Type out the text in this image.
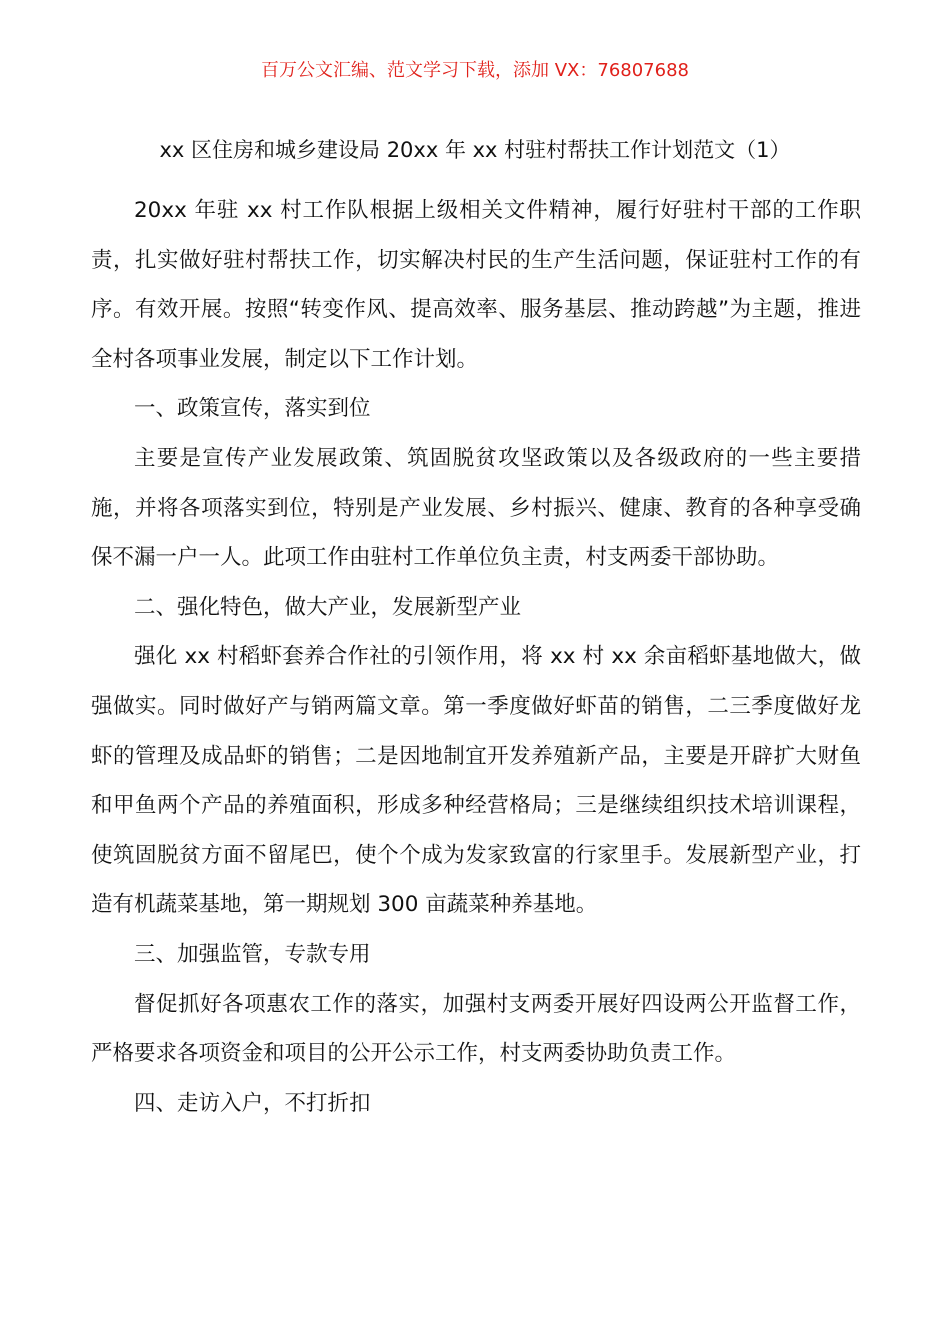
百万公文汇编、范文学习下载，添加 VX：76807688
xx 区住房和城乡建设局 20xx 年 xx 村驻村帮扶工作计划范文（1）

20xx 年驻 xx 村工作队根据上级相关文件精神，履行好驻村干部的工作职责，扎实做好驻村帮扶工作，切实解决村民的生产生活问题，保证驻村工作的有序。有效开展。按照“转变作风、提高效率、服务基层、推动跨越”为主题，推进全村各项事业发展，制定以下工作计划。

一、政策宣传，落实到位

主要是宣传产业发展政策、筑固脱贫攻坚政策以及各级政府的一些主要措施，并将各项落实到位，特别是产业发展、乡村振兴、健康、教育的各种享受确保不漏一户一人。此项工作由驻村工作单位负主责，村支两委干部协助。

二、强化特色，做大产业，发展新型产业

强化 xx 村稻虾套养合作社的引领作用，将 xx 村 xx 余亩稻虾基地做大，做强做实。同时做好产与销两篇文章。第一季度做好虾苗的销售，二三季度做好龙虾的管理及成品虾的销售；二是因地制宜开发养殖新产品，主要是开辟扩大财鱼和甲鱼两个产品的养殖面积，形成多种经营格局；三是继续组织技术培训课程，使筑固脱贫方面不留尾巴，使个个成为发家致富的行家里手。发展新型产业，打造有机蔬菜基地，第一期规划 300 亩蔬菜种养基地。

三、加强监管，专款专用

督促抓好各项惠农工作的落实，加强村支两委开展好四设两公开监督工作，严格要求各项资金和项目的公开公示工作，村支两委协助负责工作。

四、走访入户，不打折扣
